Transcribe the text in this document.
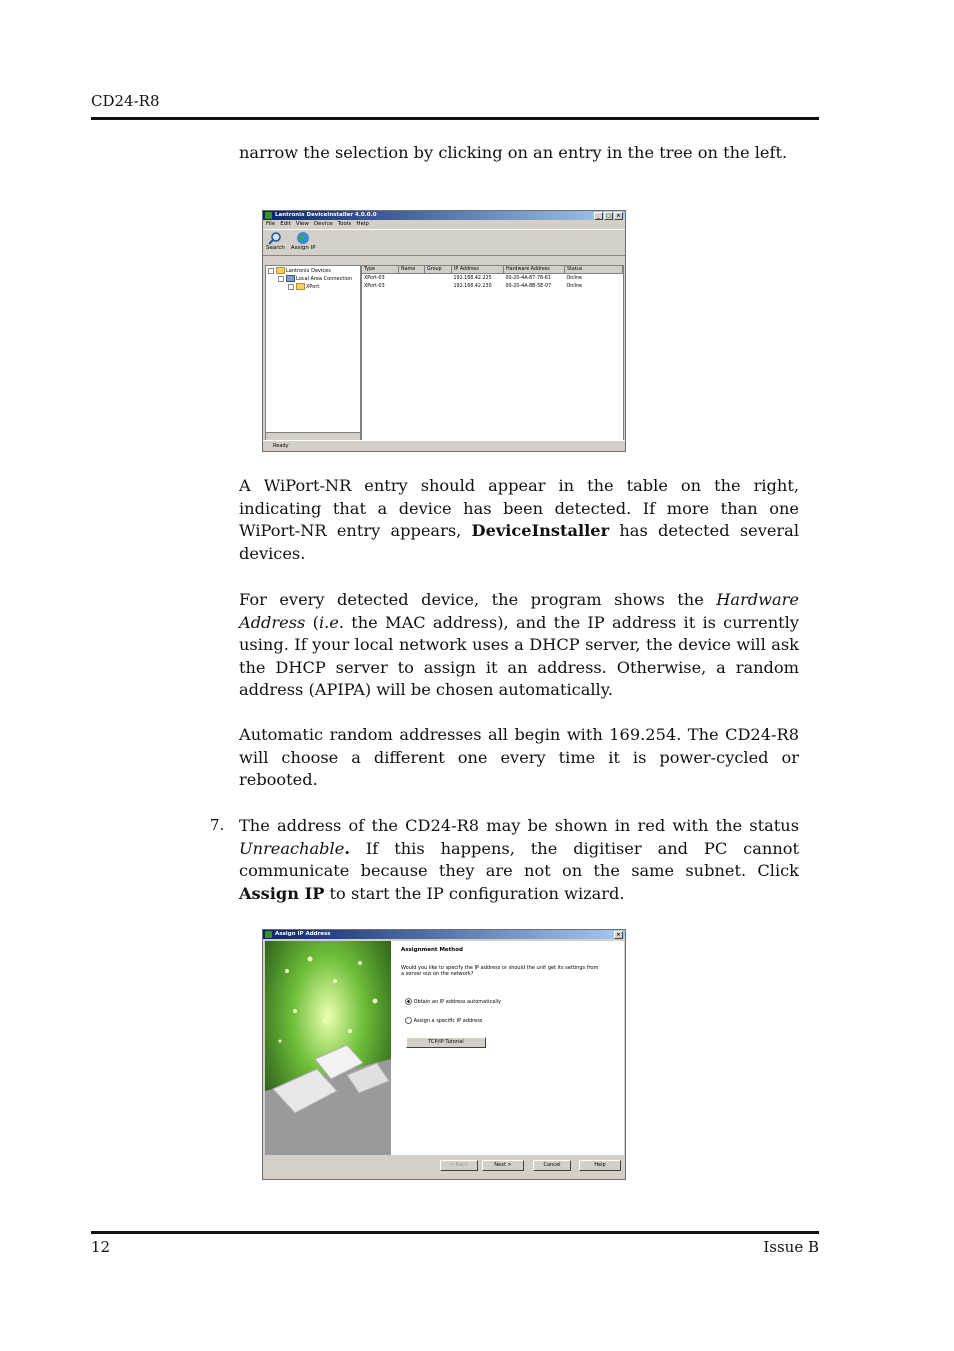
CD24-R8

narrow the selection by clicking on an entry in the tree on the left.

Lantronix DeviceInstaller 4.0.0.0	_	□	×
File Edit View Device Tools Help
Search Assign IP
Lantronix Devices
Local Area Connection
XPort
Type	Name	Group	IP Address	Hardware Address	Status
XPort-03			192.168.42.225	00-20-4A-87-78-61	Online
XPort-03			192.168.42.230	00-20-4A-8B-5E-07	Online
Ready

A WiPort-NR entry should appear in the table on the right, indicating that a device has been detected. If more than one WiPort-NR entry appears, DeviceInstaller has detected several devices.

For every detected device, the program shows the Hardware Address (i.e. the MAC address), and the IP address it is currently using. If your local network uses a DHCP server, the device will ask the DHCP server to assign it an address. Otherwise, a random address (APIPA) will be chosen automatically.

Automatic random addresses all begin with 169.254. The CD24-R8 will choose a different one every time it is power-cycled or rebooted.

7. The address of the CD24-R8 may be shown in red with the status Unreachable. If this happens, the digitiser and PC cannot communicate because they are not on the same subnet. Click Assign IP to start the IP configuration wizard.

Assign IP Address	×
Assignment Method
Would you like to specify the IP address or should the unit get its settings from a server out on the network?
Obtain an IP address automatically
Assign a specific IP address
TCP/IP Tutorial
< Back	Next >	Cancel	Help
12	Issue B
